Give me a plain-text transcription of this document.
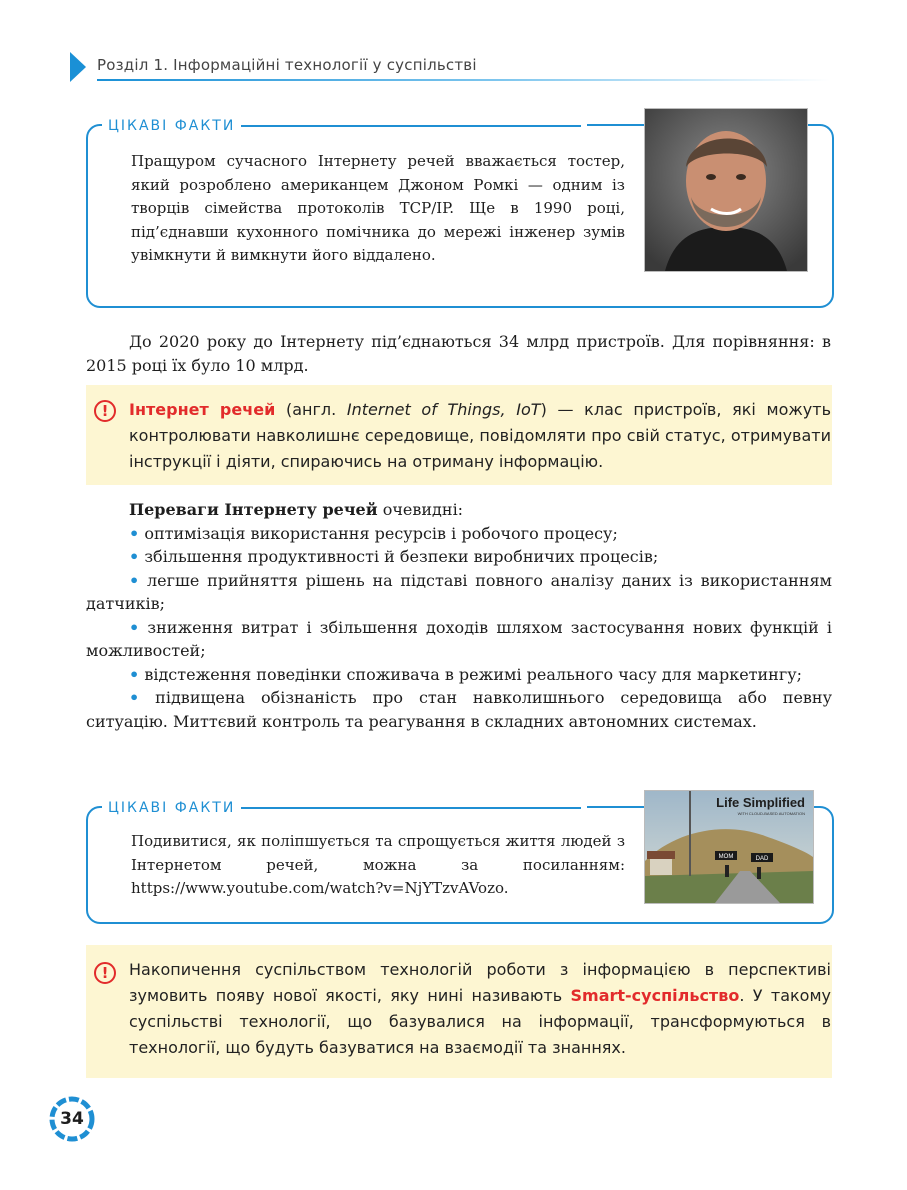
Розділ 1. Інформаційні технології у суспільстві
ЦІКАВІ ФАКТИ
Пращуром сучасного Інтернету речей вважається тостер, який розроблено американцем Джоном Ромкі — одним із творців сімейства протоколів TCP/IP. Ще в 1990 році, під’єднавши кухонного помічника до мережі інженер зумів увімкнути й вимкнути його віддалено.
До 2020 року до Інтернету під’єднаються 34 млрд пристроїв. Для порівняння: в 2015 році їх було 10 млрд.
!	Інтернет речей (англ. Internet of Things, IoT) — клас пристроїв, які можуть контролювати навколишнє середовище, повідомляти про свій статус, отримувати інструкції і діяти, спираючись на отриману інформацію.
Переваги Інтернету речей очевидні:
• оптимізація використання ресурсів і робочого процесу;
• збільшення продуктивності й безпеки виробничих процесів;
• легше прийняття рішень на підставі повного аналізу даних із використанням датчиків;
• зниження витрат і збільшення доходів шляхом застосування нових функцій і можливостей;
• відстеження поведінки споживача в режимі реального часу для маркетингу;
• підвищена обізнаність про стан навколишнього середовища або певну ситуацію. Миттєвий контроль та реагування в складних автономних системах.
ЦІКАВІ ФАКТИ
Подивитися, як поліпшується та спрощується життя людей з Інтернетом речей, можна за посиланням: https://www.youtube.com/watch?v=NjYTzvAVozo.
Life Simplified
WITH CLOUD-BASED AUTOMATION
MOM	DAD
!	Накопичення суспільством технологій роботи з інформацією в перспективі зумовить появу нової якості, яку нині називають Smart-суспільство. У такому суспільстві технології, що базувалися на інформації, трансформуються в технології, що будуть базуватися на взаємодії та знаннях.
34
